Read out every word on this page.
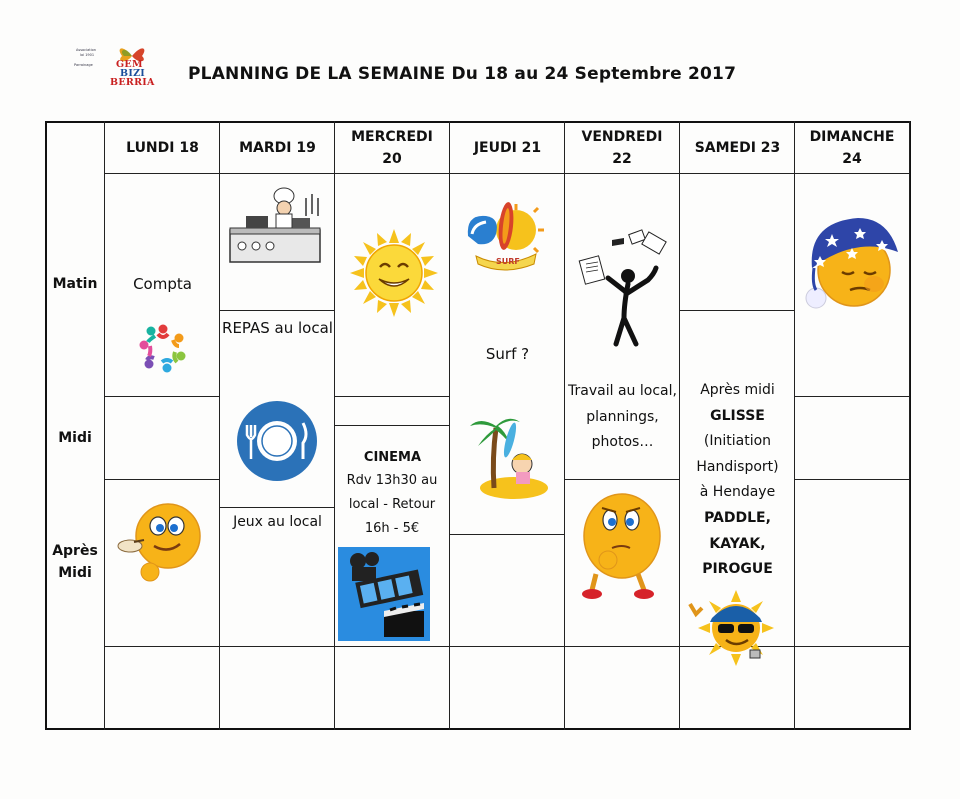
Association
loi 1901
Parrainage GEM
BIZI
BERRIA PLANNING DE LA SEMAINE Du 18 au 24 Septembre 2017
LUNDI 18	MARDI 19
MERCREDI 20
JEUDI 21
VENDREDI 22
SAMEDI 23
DIMANCHE 24
Matin
Midi
Après Midi
Compta
REPAS au local
Jeux au local
CINEMA
Rdv 13h30 au local - Retour 16h - 5€
SURF
Surf ?
Travail au local, plannings, photos…
Après midi
GLISSE
(Initiation Handisport)
à Hendaye
PADDLE, KAYAK, PIROGUE
